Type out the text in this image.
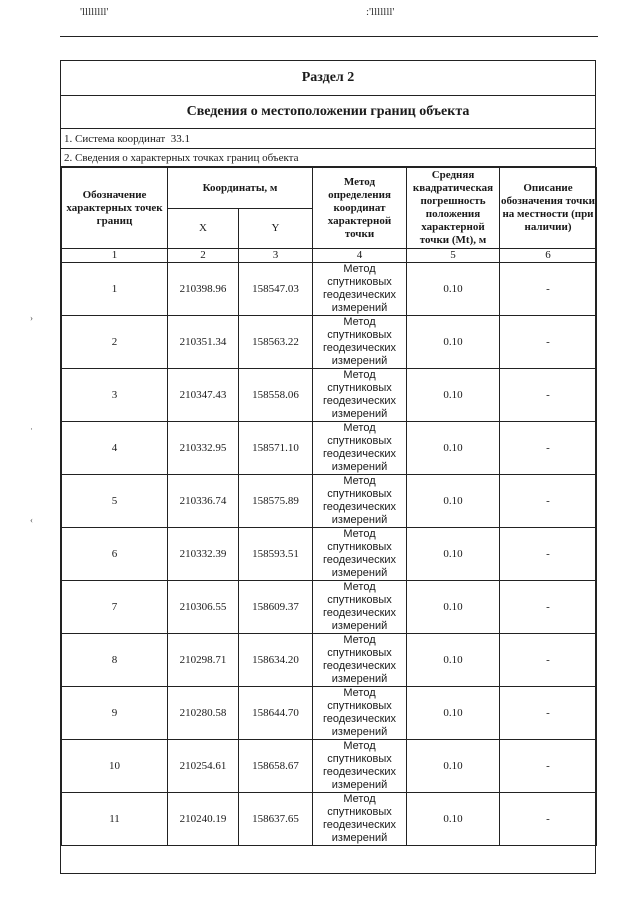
'llllllll'	:'lllllll'
Раздел 2
Сведения о местоположении границ объекта
1. Система координат
33.1
2. Сведения о характерных точках границ объекта
Обозначение характерных точек границ	Координаты, м		Метод определения координат характерной точки	Средняя квадратическая погрешность положения характерной точки (Mt), м	Описание обозначения точки на местности (при наличии)
	X	Y			
1	2	3	4	5	6
1	210398.96	158547.03	Метод спутниковых геодезических измерений	0.10	-
2	210351.34	158563.22	Метод спутниковых геодезических измерений	0.10	-
3	210347.43	158558.06	Метод спутниковых геодезических измерений	0.10	-
4	210332.95	158571.10	Метод спутниковых геодезических измерений	0.10	-
5	210336.74	158575.89	Метод спутниковых геодезических измерений	0.10	-
6	210332.39	158593.51	Метод спутниковых геодезических измерений	0.10	-
7	210306.55	158609.37	Метод спутниковых геодезических измерений	0.10	-
8	210298.71	158634.20	Метод спутниковых геодезических измерений	0.10	-
9	210280.58	158644.70	Метод спутниковых геодезических измерений	0.10	-
10	210254.61	158658.67	Метод спутниковых геодезических измерений	0.10	-
11	210240.19	158637.65	Метод спутниковых геодезических измерений	0.10	-
›
·
‹
